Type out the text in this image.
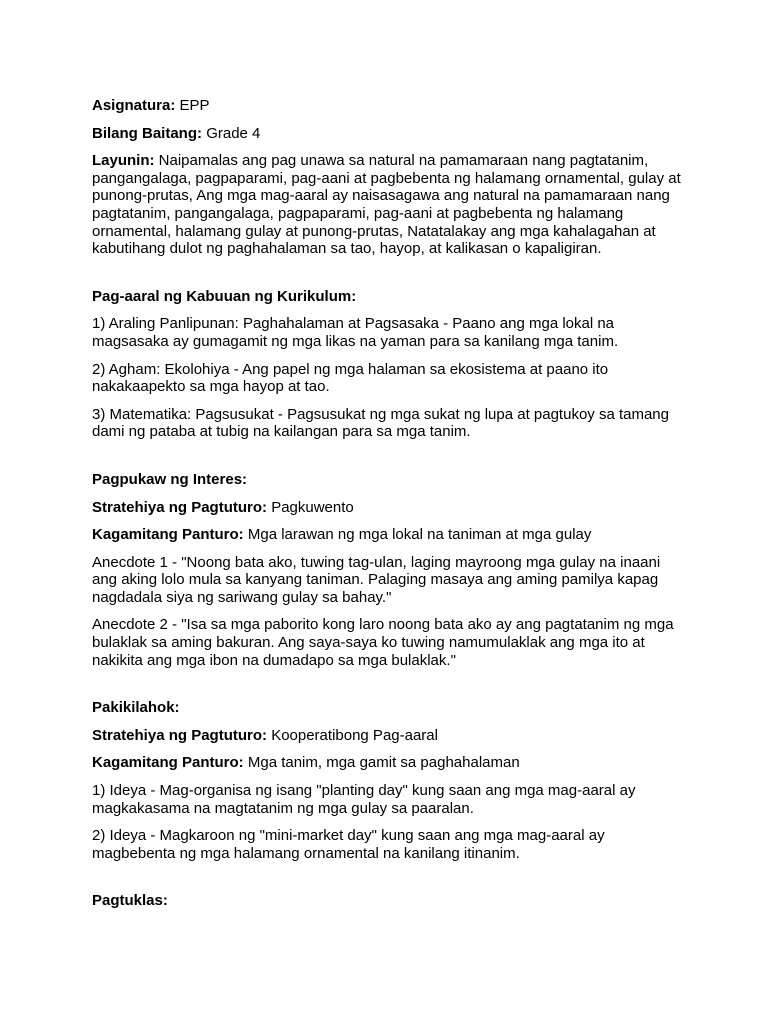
Asignatura: EPP

Bilang Baitang: Grade 4

Layunin: Naipamalas ang pag unawa sa natural na pamamaraan nang pagtatanim, pangangalaga, pagpaparami, pag-aani at pagbebenta ng halamang ornamental, gulay at punong-prutas, Ang mga mag-aaral ay naisasagawa ang natural na pamamaraan nang pagtatanim, pangangalaga, pagpaparami, pag-aani at pagbebenta ng halamang ornamental, halamang gulay at punong-prutas, Natatalakay ang mga kahalagahan at kabutihang dulot ng paghahalaman sa tao, hayop, at kalikasan o kapaligiran.

Pag-aaral ng Kabuuan ng Kurikulum:

1) Araling Panlipunan: Paghahalaman at Pagsasaka - Paano ang mga lokal na magsasaka ay gumagamit ng mga likas na yaman para sa kanilang mga tanim.

2) Agham: Ekolohiya - Ang papel ng mga halaman sa ekosistema at paano ito nakakaapekto sa mga hayop at tao.

3) Matematika: Pagsusukat - Pagsusukat ng mga sukat ng lupa at pagtukoy sa tamang dami ng pataba at tubig na kailangan para sa mga tanim.

Pagpukaw ng Interes:

Stratehiya ng Pagtuturo: Pagkuwento

Kagamitang Panturo: Mga larawan ng mga lokal na taniman at mga gulay

Anecdote 1 - "Noong bata ako, tuwing tag-ulan, laging mayroong mga gulay na inaani ang aking lolo mula sa kanyang taniman. Palaging masaya ang aming pamilya kapag nagdadala siya ng sariwang gulay sa bahay."

Anecdote 2 - "Isa sa mga paborito kong laro noong bata ako ay ang pagtatanim ng mga bulaklak sa aming bakuran. Ang saya-saya ko tuwing namumulaklak ang mga ito at nakikita ang mga ibon na dumadapo sa mga bulaklak."

Pakikilahok:

Stratehiya ng Pagtuturo: Kooperatibong Pag-aaral

Kagamitang Panturo: Mga tanim, mga gamit sa paghahalaman

1) Ideya - Mag-organisa ng isang "planting day" kung saan ang mga mag-aaral ay magkakasama na magtatanim ng mga gulay sa paaralan.

2) Ideya - Magkaroon ng "mini-market day" kung saan ang mga mag-aaral ay magbebenta ng mga halamang ornamental na kanilang itinanim.

Pagtuklas:
